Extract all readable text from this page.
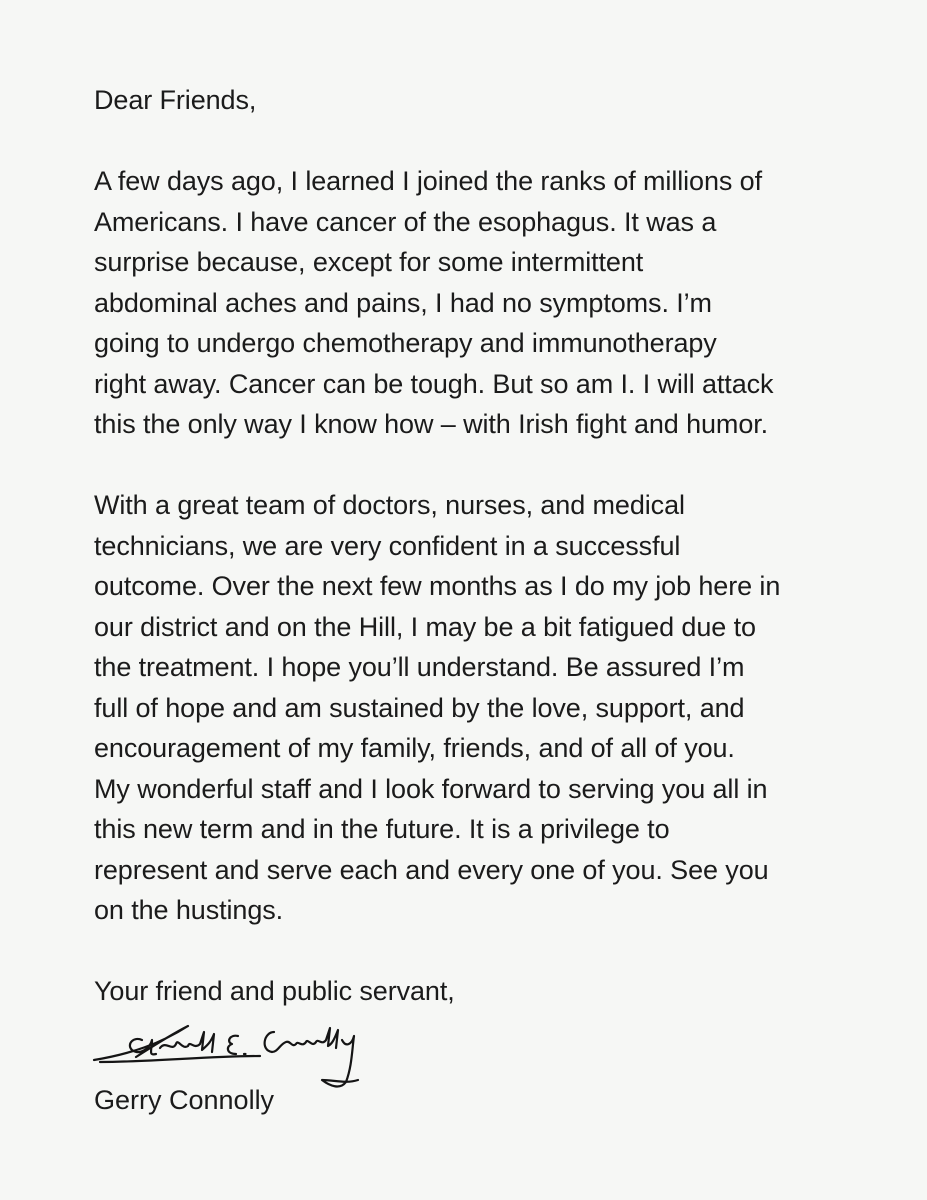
Dear Friends,
A few days ago, I learned I joined the ranks of millions of
Americans. I have cancer of the esophagus. It was a
surprise because, except for some intermittent
abdominal aches and pains, I had no symptoms. I’m
going to undergo chemotherapy and immunotherapy
right away. Cancer can be tough. But so am I. I will attack
this the only way I know how – with Irish fight and humor.
With a great team of doctors, nurses, and medical
technicians, we are very confident in a successful
outcome. Over the next few months as I do my job here in
our district and on the Hill, I may be a bit fatigued due to
the treatment. I hope you’ll understand. Be assured I’m
full of hope and am sustained by the love, support, and
encouragement of my family, friends, and of all of you.
My wonderful staff and I look forward to serving you all in
this new term and in the future. It is a privilege to
represent and serve each and every one of you. See you
on the hustings.
Your friend and public servant,
Gerry Connolly
